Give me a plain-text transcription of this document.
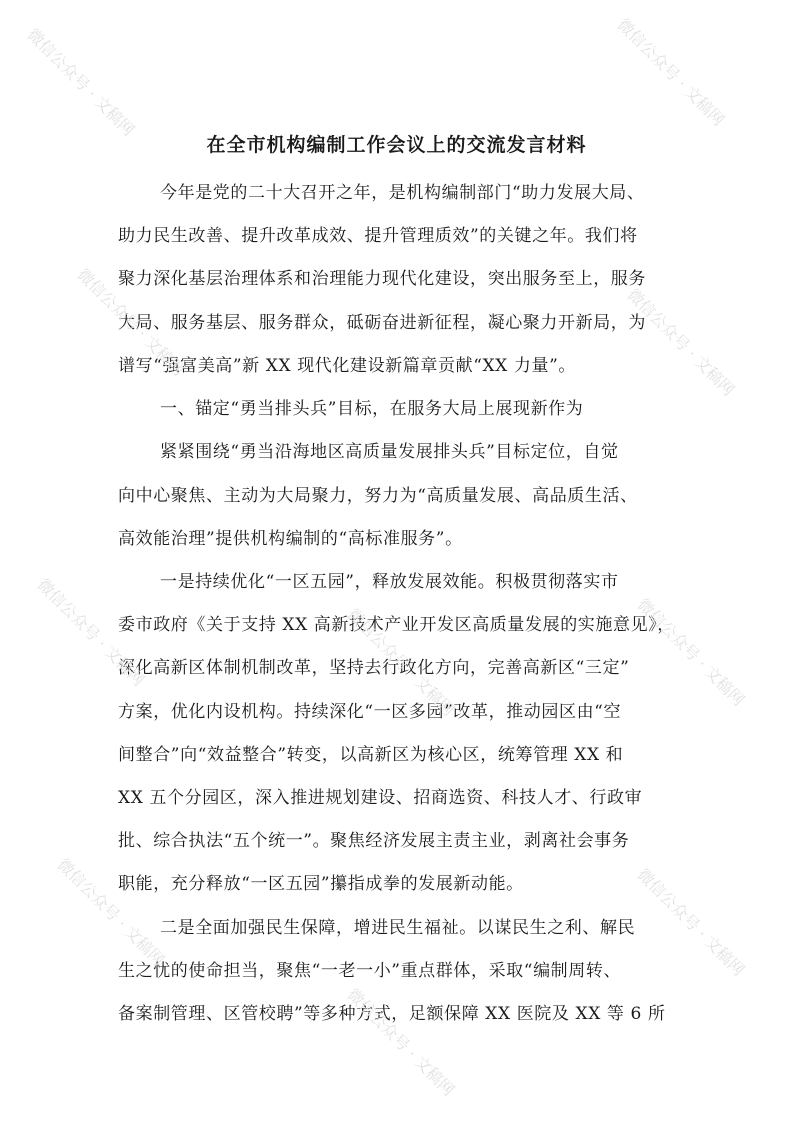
在全市机构编制工作会议上的交流发言材料
今年是党的二十大召开之年，是机构编制部门“助力发展大局、
助力民生改善、提升改革成效、提升管理质效”的关键之年。我们将
聚力深化基层治理体系和治理能力现代化建设，突出服务至上，服务
大局、服务基层、服务群众，砥砺奋进新征程，凝心聚力开新局，为
谱写“强富美高”新 XX 现代化建设新篇章贡献“XX 力量”。
一、锚定“勇当排头兵”目标，在服务大局上展现新作为
紧紧围绕“勇当沿海地区高质量发展排头兵”目标定位，自觉
向中心聚焦、主动为大局聚力，努力为“高质量发展、高品质生活、
高效能治理”提供机构编制的“高标准服务”。
一是持续优化“一区五园”，释放发展效能。积极贯彻落实市
委市政府《关于支持 XX 高新技术产业开发区高质量发展的实施意见》，
深化高新区体制机制改革，坚持去行政化方向，完善高新区“三定”
方案，优化内设机构。持续深化“一区多园”改革，推动园区由“空
间整合”向“效益整合”转变，以高新区为核心区，统筹管理 XX 和
XX 五个分园区，深入推进规划建设、招商选资、科技人才、行政审
批、综合执法“五个统一”。聚焦经济发展主责主业，剥离社会事务
职能，充分释放“一区五园”攥指成拳的发展新动能。
二是全面加强民生保障，增进民生福祉。以谋民生之利、解民
生之忧的使命担当，聚焦“一老一小”重点群体，采取“编制周转、
备案制管理、区管校聘”等多种方式，足额保障 XX 医院及 XX 等 6 所
微信公众号 · 文稿网	微信公众号 · 文稿网
微信公众号 · 文稿网	微信公众号 · 文稿网
微信公众号 · 文稿网	微信公众号 · 文稿网	微信公众号 · 文稿网
微信公众号 · 文稿网	微信公众号 · 文稿网
微信公众号 · 文稿网
